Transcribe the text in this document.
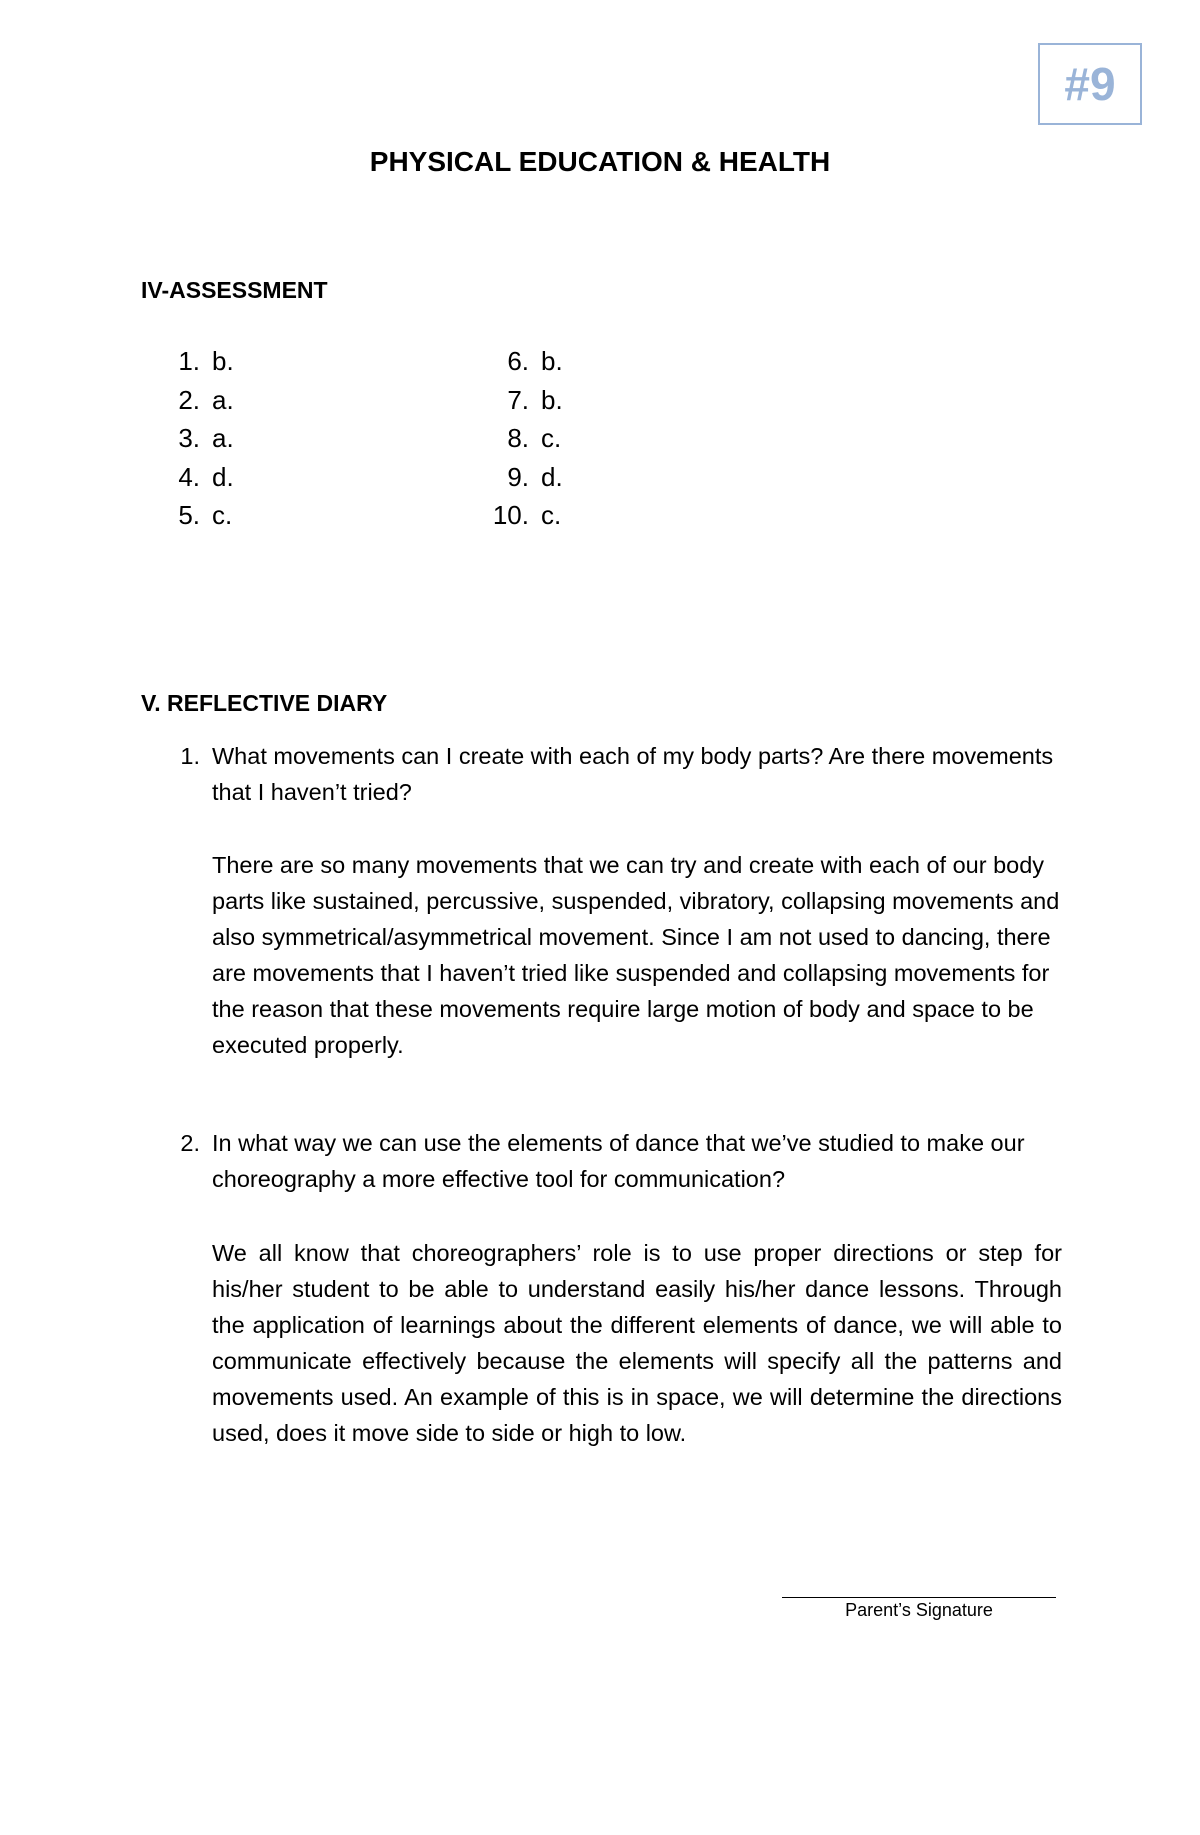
#9
PHYSICAL EDUCATION & HEALTH
IV-ASSESSMENT
1. b.
2. a.
3. a.
4. d.
5. c.
6. b.
7. b.
8. c.
9. d.
10. c.
V. REFLECTIVE DIARY
1. What movements can I create with each of my body parts? Are there movements that I haven’t tried?
There are so many movements that we can try and create with each of our body parts like sustained, percussive, suspended, vibratory, collapsing movements and also symmetrical/asymmetrical movement. Since I am not used to dancing, there are movements that I haven’t tried like suspended and collapsing movements for the reason that these movements require large motion of body and space to be executed properly.
2. In what way we can use the elements of dance that we’ve studied to make our choreography a more effective tool for communication?
We all know that choreographers’ role is to use proper directions or step for his/her student to be able to understand easily his/her dance lessons. Through the application of learnings about the different elements of dance, we will able to communicate effectively because the elements will specify all the patterns and movements used. An example of this is in space, we will determine the directions used, does it move side to side or high to low.
Parent’s Signature
